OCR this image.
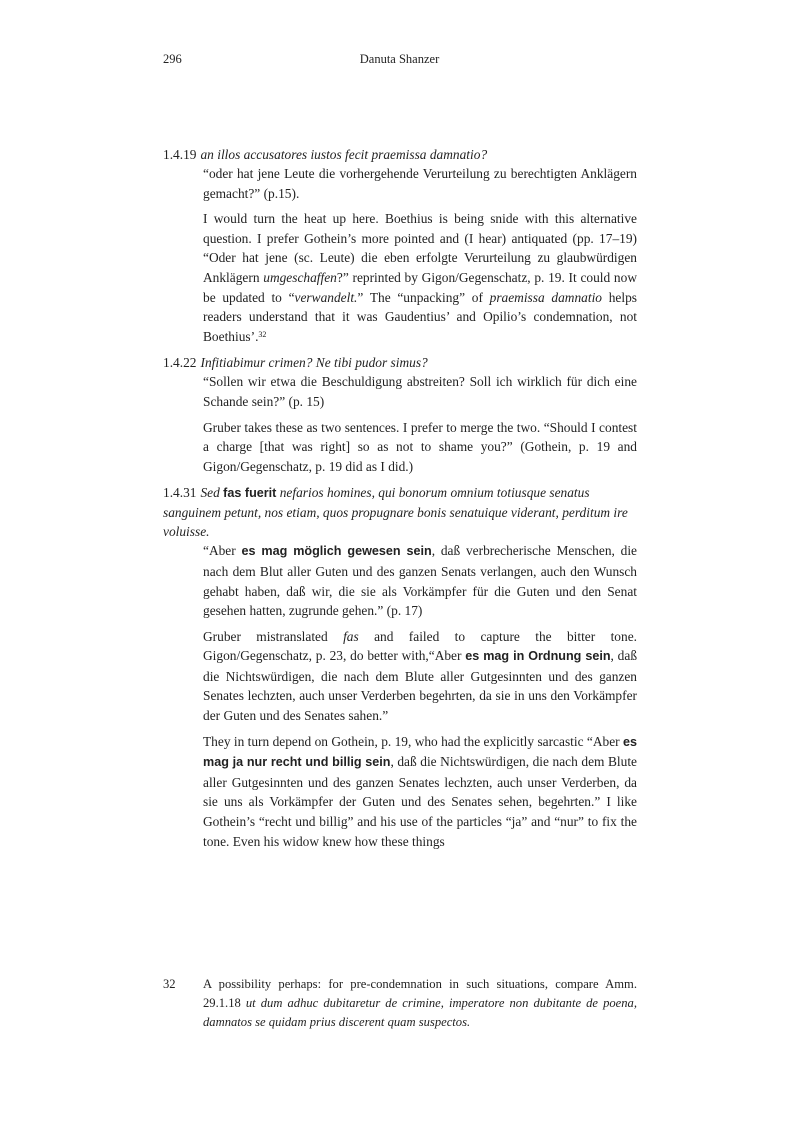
296	Danuta Shanzer
1.4.19 an illos accusatores iustos fecit praemissa damnatio?
“oder hat jene Leute die vorhergehende Verurteilung zu berechtigten Anklägern gemacht?” (p.15).
I would turn the heat up here. Boethius is being snide with this alternative question. I prefer Gothein’s more pointed and (I hear) antiquated (pp. 17–19) “Oder hat jene (sc. Leute) die eben erfolgte Verurteilung zu glaubwürdigen Anklägern umgeschaffen?” reprinted by Gigon/Gegenschatz, p. 19. It could now be updated to “verwandelt.” The “unpacking” of praemissa damnatio helps readers understand that it was Gaudentius’ and Opilio’s condemnation, not Boethius’.$^{32}$
1.4.22 Infitiabimur crimen? Ne tibi pudor simus?
“Sollen wir etwa die Beschuldigung abstreiten? Soll ich wirklich für dich eine Schande sein?” (p. 15)
Gruber takes these as two sentences. I prefer to merge the two. “Should I contest a charge [that was right] so as not to shame you?” (Gothein, p. 19 and Gigon/Gegenschatz, p. 19 did as I did.)
1.4.31 Sed fas fuerit nefarios homines, qui bonorum omnium totiusque senatus sanguinem petunt, nos etiam, quos propugnare bonis senatuique viderant, perditum ire voluisse.
“Aber es mag möglich gewesen sein, daß verbrecherische Menschen, die nach dem Blut aller Guten und des ganzen Senats verlangen, auch den Wunsch gehabt haben, daß wir, die sie als Vorkämpfer für die Guten und den Senat gesehen hatten, zugrunde gehen.” (p. 17)
Gruber mistranslated fas and failed to capture the bitter tone. Gigon/Gegenschatz, p. 23, do better with,“Aber es mag in Ordnung sein, daß die Nichtswürdigen, die nach dem Blute aller Gutgesinnten und des ganzen Senates lechzten, auch unser Verderben begehrten, da sie in uns den Vorkämpfer der Guten und des Senates sahen.”
They in turn depend on Gothein, p. 19, who had the explicitly sarcastic “Aber es mag ja nur recht und billig sein, daß die Nichtswürdigen, die nach dem Blute aller Gutgesinnten und des ganzen Senates lechzten, auch unser Verderben, da sie uns als Vorkämpfer der Guten und des Senates sehen, begehrten.” I like Gothein’s “recht und billig” and his use of the particles “ja” and “nur” to fix the tone. Even his widow knew how these things
32	A possibility perhaps: for pre-condemnation in such situations, compare Amm. 29.1.18 ut dum adhuc dubitaretur de crimine, imperatore non dubitante de poena, damnatos se quidam prius discerent quam suspectos.
